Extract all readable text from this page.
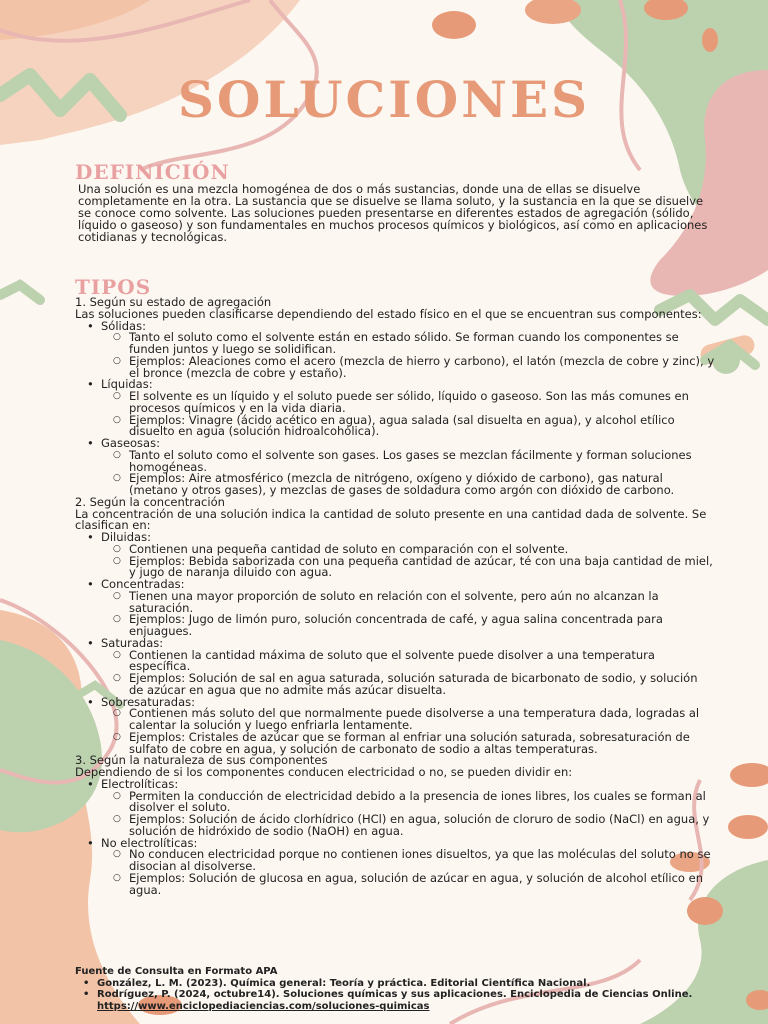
SOLUCIONES
DEFINICIÓN

Una solución es una mezcla homogénea de dos o más sustancias, donde una de ellas se disuelve completamente en la otra. La sustancia que se disuelve se llama soluto, y la sustancia en la que se disuelve se conoce como solvente. Las soluciones pueden presentarse en diferentes estados de agregación (sólido, líquido o gaseoso) y son fundamentales en muchos procesos químicos y biológicos, así como en aplicaciones cotidianas y tecnológicas.

TIPOS

1. Según su estado de agregación

Las soluciones pueden clasificarse dependiendo del estado físico en el que se encuentran sus componentes:

• Sólidas:
○ Tanto el soluto como el solvente están en estado sólido. Se forman cuando los componentes se funden juntos y luego se solidifican.
○ Ejemplos: Aleaciones como el acero (mezcla de hierro y carbono), el latón (mezcla de cobre y zinc), y el bronce (mezcla de cobre y estaño).
• Líquidas:
○ El solvente es un líquido y el soluto puede ser sólido, líquido o gaseoso. Son las más comunes en procesos químicos y en la vida diaria.
○ Ejemplos: Vinagre (ácido acético en agua), agua salada (sal disuelta en agua), y alcohol etílico disuelto en agua (solución hidroalcohólica).
• Gaseosas:
○ Tanto el soluto como el solvente son gases. Los gases se mezclan fácilmente y forman soluciones homogéneas.
○ Ejemplos: Aire atmosférico (mezcla de nitrógeno, oxígeno y dióxido de carbono), gas natural (metano y otros gases), y mezclas de gases de soldadura como argón con dióxido de carbono.

2. Según la concentración

La concentración de una solución indica la cantidad de soluto presente en una cantidad dada de solvente. Se clasifican en:

• Diluidas:
○ Contienen una pequeña cantidad de soluto en comparación con el solvente.
○ Ejemplos: Bebida saborizada con una pequeña cantidad de azúcar, té con una baja cantidad de miel, y jugo de naranja diluido con agua.
• Concentradas:
○ Tienen una mayor proporción de soluto en relación con el solvente, pero aún no alcanzan la saturación.
○ Ejemplos: Jugo de limón puro, solución concentrada de café, y agua salina concentrada para enjuagues.
• Saturadas:
○ Contienen la cantidad máxima de soluto que el solvente puede disolver a una temperatura específica.
○ Ejemplos: Solución de sal en agua saturada, solución saturada de bicarbonato de sodio, y solución de azúcar en agua que no admite más azúcar disuelta.
• Sobresaturadas:
○ Contienen más soluto del que normalmente puede disolverse a una temperatura dada, logradas al calentar la solución y luego enfriarla lentamente.
○ Ejemplos: Cristales de azúcar que se forman al enfriar una solución saturada, sobresaturación de sulfato de cobre en agua, y solución de carbonato de sodio a altas temperaturas.

3. Según la naturaleza de sus componentes

Dependiendo de si los componentes conducen electricidad o no, se pueden dividir en:

• Electrolíticas:
○ Permiten la conducción de electricidad debido a la presencia de iones libres, los cuales se forman al disolver el soluto.
○ Ejemplos: Solución de ácido clorhídrico (HCl) en agua, solución de cloruro de sodio (NaCl) en agua, y solución de hidróxido de sodio (NaOH) en agua.
• No electrolíticas:
○ No conducen electricidad porque no contienen iones disueltos, ya que las moléculas del soluto no se disocian al disolverse.
○ Ejemplos: Solución de glucosa en agua, solución de azúcar en agua, y solución de alcohol etílico en agua.

Fuente de Consulta en Formato APA

• González, L. M. (2023). Química general: Teoría y práctica. Editorial Científica Nacional.
• Rodríguez, P. (2024, octubre14). Soluciones químicas y sus aplicaciones. Enciclopedia de Ciencias Online. https://www.enciclopediaciencias.com/soluciones-quimicas
